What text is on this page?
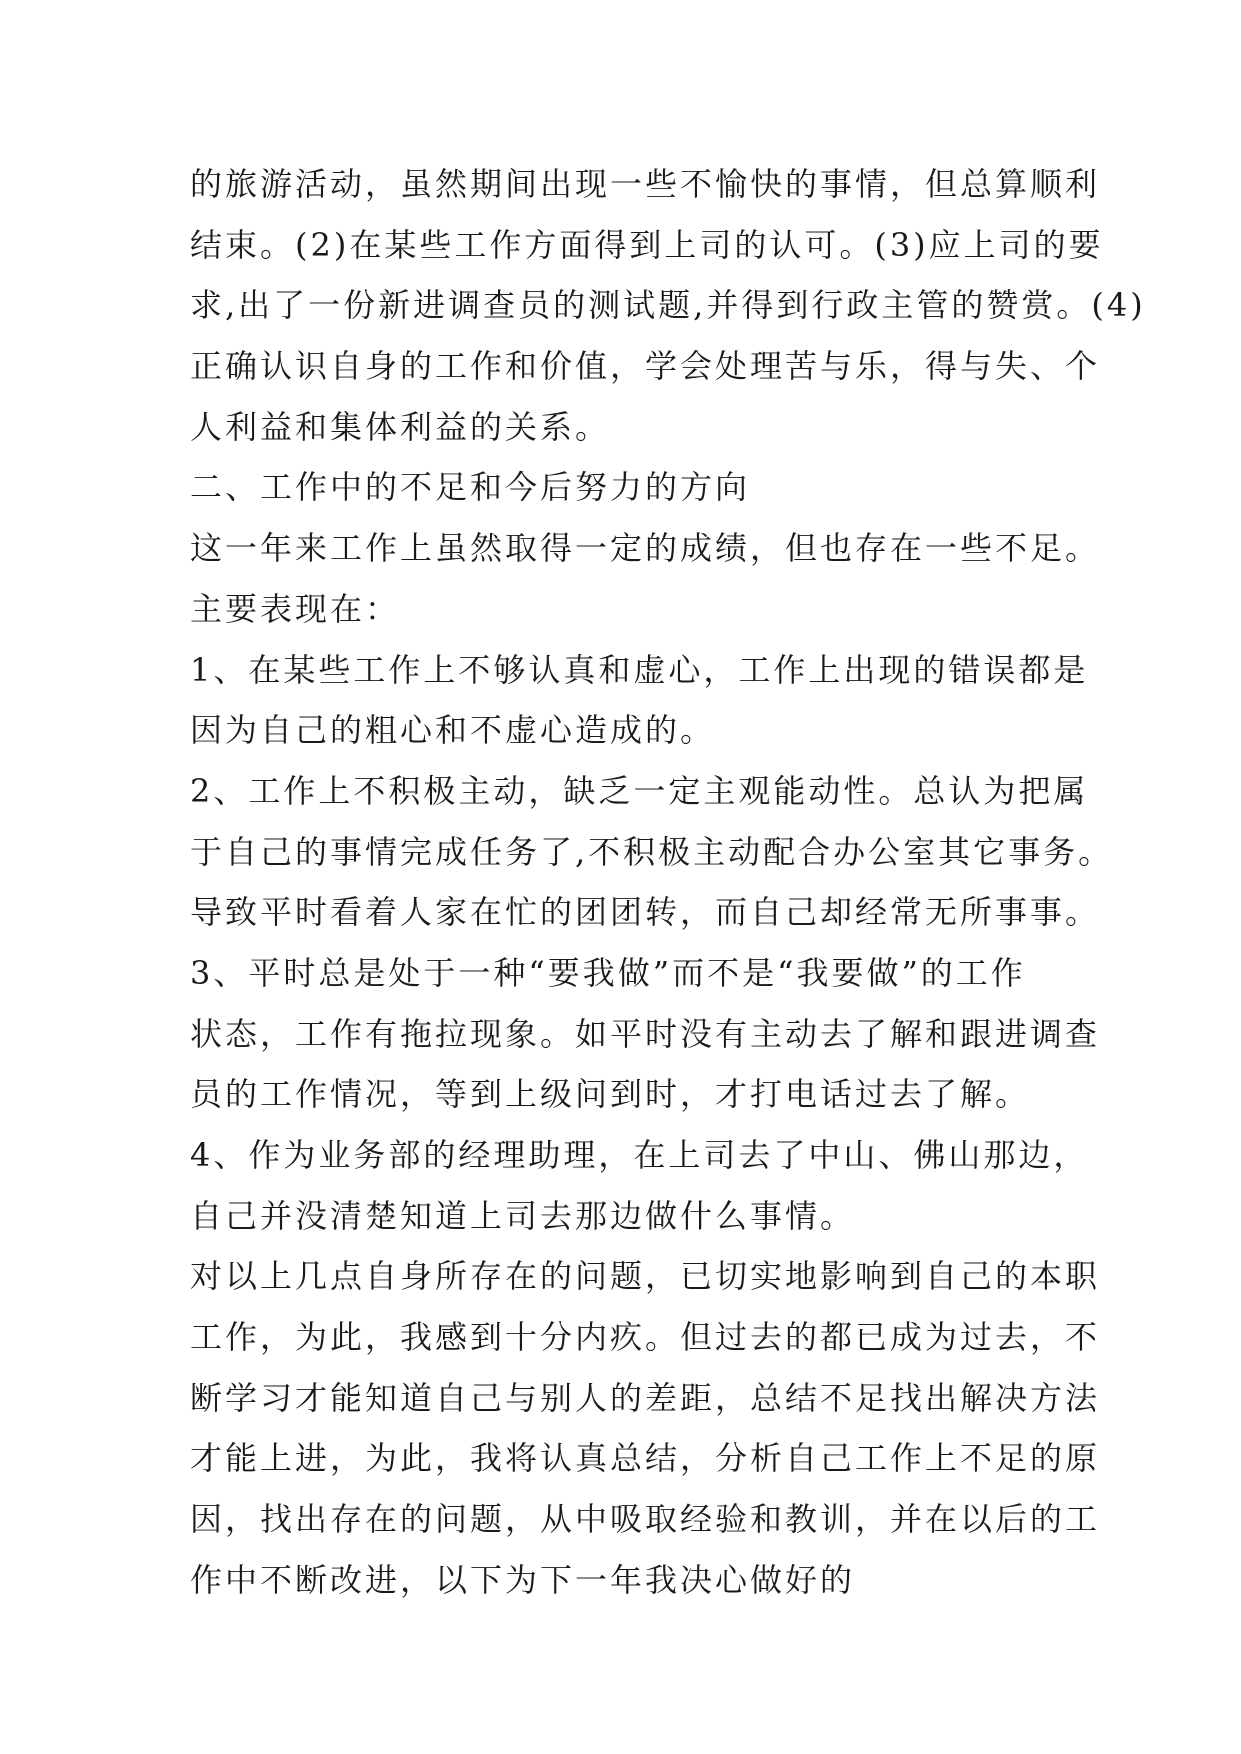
的旅游活动，虽然期间出现一些不愉快的事情，但总算顺利
结束。(2)在某些工作方面得到上司的认可。(3)应上司的要
求,出了一份新进调查员的测试题,并得到行政主管的赞赏。(4)
正确认识自身的工作和价值，学会处理苦与乐，得与失、个
人利益和集体利益的关系。
二、工作中的不足和今后努力的方向
这一年来工作上虽然取得一定的成绩，但也存在一些不足。
主要表现在：
1、在某些工作上不够认真和虚心，工作上出现的错误都是
因为自己的粗心和不虚心造成的。
2、工作上不积极主动，缺乏一定主观能动性。总认为把属
于自己的事情完成任务了,不积极主动配合办公室其它事务。
导致平时看着人家在忙的团团转，而自己却经常无所事事。
3、平时总是处于一种“要我做”而不是“我要做”的工作
状态，工作有拖拉现象。如平时没有主动去了解和跟进调查
员的工作情况，等到上级问到时，才打电话过去了解。
4、作为业务部的经理助理，在上司去了中山、佛山那边，
自己并没清楚知道上司去那边做什么事情。
对以上几点自身所存在的问题，已切实地影响到自己的本职
工作，为此，我感到十分内疚。但过去的都已成为过去，不
断学习才能知道自己与别人的差距，总结不足找出解决方法
才能上进，为此，我将认真总结，分析自己工作上不足的原
因，找出存在的问题，从中吸取经验和教训，并在以后的工
作中不断改进，以下为下一年我决心做好的
